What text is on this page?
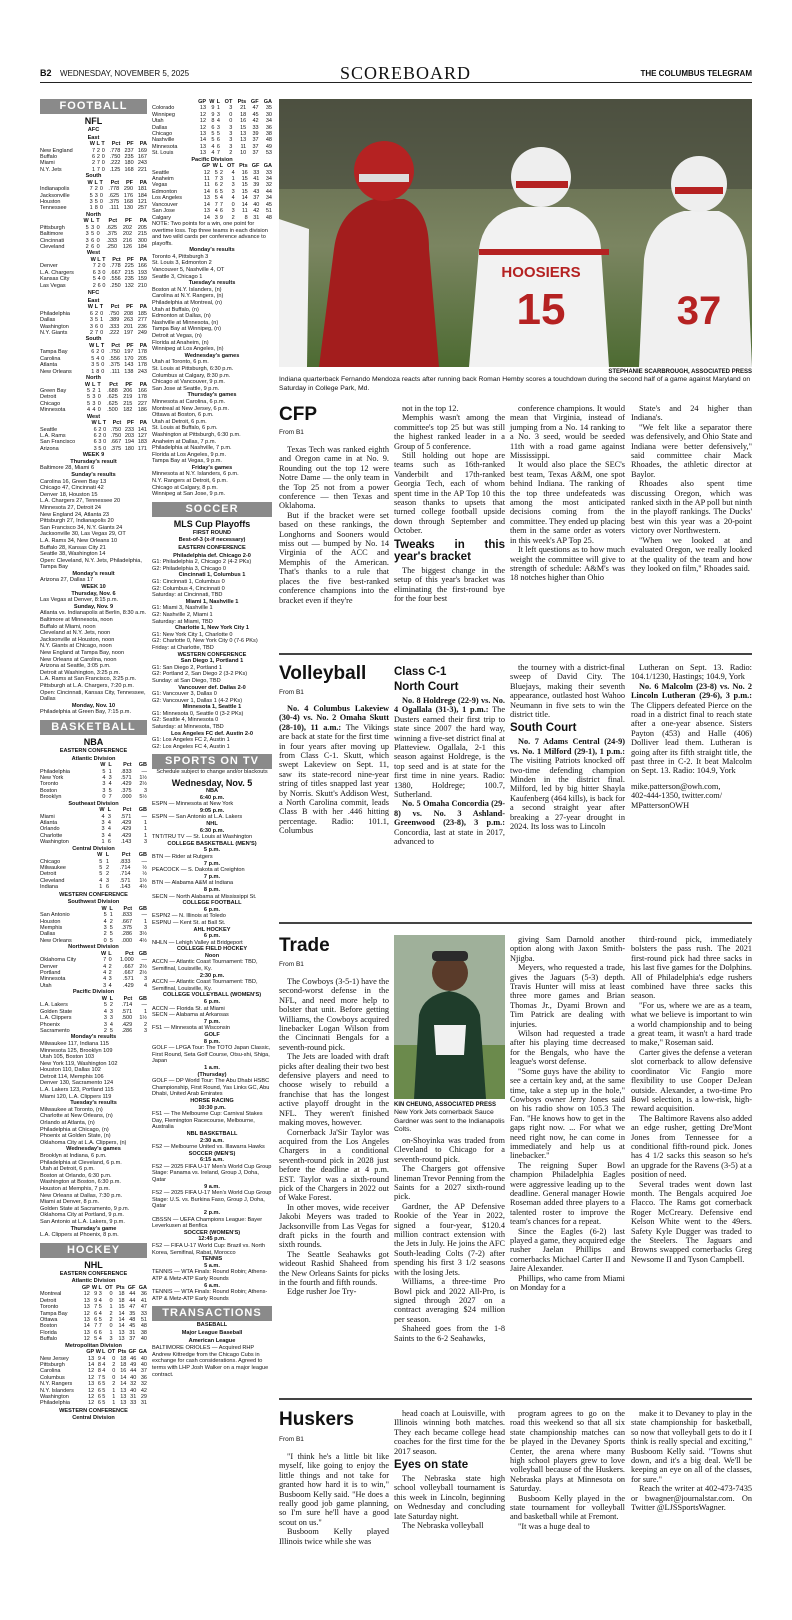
B2 WEDNESDAY, NOVEMBER 5, 2025	SCOREBOARD	THE COLUMBUS TELEGRAM
FOOTBALL
NFL
AFC
East
	W	L	T	Pct	PF	PA
New England	7	2	0	.778	237	169
Buffalo	6	2	0	.750	235	167
Miami	2	7	0	.222	180	243
N.Y. Jets	1	7	0	.125	168	221
South
	W	L	T	Pct	PF	PA
Indianapolis	7	2	0	.778	290	181
Jacksonville	5	3	0	.625	176	184
Houston	3	5	0	.375	168	121
Tennessee	1	8	0	.111	130	257
North
	W	L	T	Pct	PF	PA
Pittsburgh	5	3	0	.625	202	205
Baltimore	3	5	0	.375	202	215
Cincinnati	3	6	0	.333	216	300
Cleveland	2	6	0	.250	126	184
West
	W	L	T	Pct	PF	PA
Denver	7	2	0	.778	225	166
L.A. Chargers	6	3	0	.667	215	193
Kansas City	5	4	0	.556	235	159
Las Vegas	2	6	0	.250	132	210
NFC
East
	W	L	T	Pct	PF	PA
Philadelphia	6	2	0	.750	208	185
Dallas	3	5	1	.389	263	277
Washington	3	6	0	.333	201	236
N.Y. Giants	2	7	0	.222	197	249
South
	W	L	T	Pct	PF	PA
Tampa Bay	6	2	0	.750	197	178
Carolina	5	4	0	.556	170	205
Atlanta	3	5	0	.375	143	178
New Orleans	1	8	0	.111	138	243
North
	W	L	T	Pct	PF	PA
Green Bay	5	2	1	.688	206	166
Detroit	5	3	0	.625	219	178
Chicago	5	3	0	.625	215	227
Minnesota	4	4	0	.500	182	186
West
	W	L	T	Pct	PF	PA
Seattle	6	2	0	.750	233	141
L.A. Rams	6	2	0	.750	203	127
San Francisco	6	3	0	.667	194	183
Arizona	3	5	0	.375	180	171
WEEK 9
Thursday's result
Baltimore 28, Miami 6
Sunday's results
Carolina 16, Green Bay 13
Chicago 47, Cincinnati 42
Denver 18, Houston 15
L.A. Chargers 27, Tennessee 20
Minnesota 27, Detroit 24
New England 24, Atlanta 23
Pittsburgh 27, Indianapolis 20
San Francisco 34, N.Y. Giants 24
Jacksonville 30, Las Vegas 29, OT
L.A. Rams 34, New Orleans 10
Buffalo 28, Kansas City 21
Seattle 38, Washington 14
Open: Cleveland, N.Y. Jets, Philadelphia, Tampa Bay
Monday's result
Arizona 27, Dallas 17
WEEK 10
Thursday, Nov. 6
Las Vegas at Denver, 8:15 p.m.
Sunday, Nov. 9
Atlanta vs. Indianapolis at Berlin, 8:30 a.m.
Baltimore at Minnesota, noon
Buffalo at Miami, noon
Cleveland at N.Y. Jets, noon
Jacksonville at Houston, noon
N.Y. Giants at Chicago, noon
New England at Tampa Bay, noon
New Orleans at Carolina, noon
Arizona at Seattle, 3:05 p.m.
Detroit at Washington, 3:25 p.m.
L.A. Rams at San Francisco, 3:25 p.m.
Pittsburgh at L.A. Chargers, 7:20 p.m.
Open: Cincinnati, Kansas City, Tennessee, Dallas
Monday, Nov. 10
Philadelphia at Green Bay, 7:15 p.m.
BASKETBALL
NBA
EASTERN CONFERENCE
Atlantic Division
	W	L	Pct	GB
Philadelphia	5	1	.833	—
New York	4	3	.571	1½
Toronto	3	4	.429	2½
Boston	3	5	.375	3
Brooklyn	0	7	.000	5½
Southeast Division
	W	L	Pct	GB
Miami	4	3	.571	—
Atlanta	3	4	.429	1
Orlando	3	4	.429	1
Charlotte	3	4	.429	1
Washington	1	6	.143	3
Central Division
	W	L	Pct	GB
Chicago	5	1	.833	—
Milwaukee	5	2	.714	½
Detroit	5	2	.714	½
Cleveland	4	3	.571	1½
Indiana	1	6	.143	4½
WESTERN CONFERENCE
Southwest Division
	W	L	Pct	GB
San Antonio	5	1	.833	—
Houston	4	2	.667	1
Memphis	3	5	.375	3
Dallas	2	5	.286	3½
New Orleans	0	5	.000	4½
Northwest Division
	W	L	Pct	GB
Oklahoma City	7	0	1.000	—
Denver	4	2	.667	2½
Portland	4	2	.667	2½
Minnesota	4	3	.571	3
Utah	3	4	.429	4
Pacific Division
	W	L	Pct	GB
L.A. Lakers	5	2	.714	—
Golden State	4	3	.571	1
L.A. Clippers	3	3	.500	1½
Phoenix	3	4	.429	2
Sacramento	2	5	.286	3
Monday's results
Milwaukee 117, Indiana 115
Minnesota 125, Brooklyn 109
Utah 105, Boston 103
New York 119, Washington 102
Houston 110, Dallas 102
Detroit 114, Memphis 106
Denver 130, Sacramento 124
L.A. Lakers 123, Portland 115
Miami 120, L.A. Clippers 119
Tuesday's results
Milwaukee at Toronto, (n)
Charlotte at New Orleans, (n)
Orlando at Atlanta, (n)
Philadelphia at Chicago, (n)
Phoenix at Golden State, (n)
Oklahoma City at L.A. Clippers, (n)
Wednesday's games
Brooklyn at Indiana, 6 p.m.
Philadelphia at Cleveland, 6 p.m.
Utah at Detroit, 6 p.m.
Boston at Orlando, 6:30 p.m.
Washington at Boston, 6:30 p.m.
Houston at Memphis, 7 p.m.
New Orleans at Dallas, 7:30 p.m.
Miami at Denver, 8 p.m.
Golden State at Sacramento, 9 p.m.
Oklahoma City at Portland, 9 p.m.
San Antonio at L.A. Lakers, 9 p.m.
Thursday's game
L.A. Clippers at Phoenix, 8 p.m.
HOCKEY
NHL
EASTERN CONFERENCE
Atlantic Division
	GP	W	L	OT	Pts	GF	GA
Montreal	12	9	3	0	18	44	36
Detroit	13	9	4	0	18	44	41
Toronto	13	7	5	1	15	47	47
Tampa Bay	12	6	4	2	14	35	33
Ottawa	13	6	5	2	14	48	51
Boston	14	7	7	0	14	45	48
Florida	13	6	6	1	13	31	38
Buffalo	12	5	4	3	13	37	40
Metropolitan Division
	GP	W	L	OT	Pts	GF	GA
New Jersey	13	9	4	0	18	46	40
Pittsburgh	14	8	4	2	18	49	40
Carolina	12	8	4	0	16	44	37
Columbus	12	7	5	0	14	40	36
N.Y. Rangers	13	6	5	2	14	32	32
N.Y. Islanders	12	6	5	1	13	40	42
Washington	12	6	5	1	13	31	29
Philadelphia	12	6	5	1	13	33	31
WESTERN CONFERENCE
Central Division
	GP	W	L	OT	Pts	GF	GA
Colorado	13	9	1	3	21	47	35
Winnipeg	12	9	3	0	18	45	30
Utah	12	8	4	0	16	42	34
Dallas	12	6	3	3	15	33	36
Chicago	13	5	5	3	13	39	38
Nashville	14	5	6	3	13	37	48
Minnesota	13	4	6	3	11	37	49
St. Louis	13	4	7	2	10	37	53
Pacific Division
	GP	W	L	OT	Pts	GF	GA
Seattle	12	5	2	4	16	33	33
Anaheim	11	7	3	1	15	41	34
Vegas	11	6	2	3	15	39	32
Edmonton	14	6	5	3	15	43	44
Los Angeles	13	5	4	4	14	37	34
Vancouver	14	7	7	0	14	40	45
San Jose	13	4	6	3	11	42	51
Calgary	14	3	9	2	8	31	48
NOTE: Two points for a win, one point for overtime loss. Top three teams in each division and two wild cards per conference advance to playoffs.
Monday's results
Toronto 4, Pittsburgh 3
St. Louis 3, Edmonton 2
Vancouver 5, Nashville 4, OT
Seattle 3, Chicago 1
Tuesday's results
Boston at N.Y. Islanders, (n)
Carolina at N.Y. Rangers, (n)
Philadelphia at Montreal, (n)
Utah at Buffalo, (n)
Edmonton at Dallas, (n)
Nashville at Minnesota, (n)
Tampa Bay at Winnipeg, (n)
Detroit at Vegas, (n)
Florida at Anaheim, (n)
Winnipeg at Los Angeles, (n)
Wednesday's games
Utah at Toronto, 6 p.m.
St. Louis at Pittsburgh, 6:30 p.m.
Columbus at Calgary, 8:30 p.m.
Chicago at Vancouver, 9 p.m.
San Jose at Seattle, 9 p.m.
Thursday's games
Minnesota at Carolina, 6 p.m.
Montreal at New Jersey, 6 p.m.
Ottawa at Boston, 6 p.m.
Utah at Detroit, 6 p.m.
St. Louis at Buffalo, 6 p.m.
Washington at Pittsburgh, 6:30 p.m.
Anaheim at Dallas, 7 p.m.
Philadelphia at Nashville, 7 p.m.
Florida at Los Angeles, 9 p.m.
Tampa Bay at Vegas, 9 p.m.
Friday's games
Minnesota at N.Y. Islanders, 6 p.m.
N.Y. Rangers at Detroit, 6 p.m.
Chicago at Calgary, 8 p.m.
Winnipeg at San Jose, 9 p.m.
SOCCER
MLS Cup Playoffs
FIRST ROUND
Best-of-3 (x-if necessary)
EASTERN CONFERENCE
Philadelphia def. Chicago 2-0
G1: Philadelphia 2, Chicago 2 (4-2 PKs)
G2: Philadelphia 3, Chicago 0
Cincinnati 1, Columbus 1
G1: Cincinnati 1, Columbus 0
G2: Columbus 4, Cincinnati 0
Saturday: at Cincinnati, TBD
Miami 1, Nashville 1
G1: Miami 3, Nashville 1
G2: Nashville 2, Miami 1
Saturday: at Miami, TBD
Charlotte 1, New York City 1
G1: New York City 1, Charlotte 0
G2: Charlotte 0, New York City 0 (7-6 PKs)
Friday: at Charlotte, TBD
WESTERN CONFERENCE
San Diego 1, Portland 1
G1: San Diego 2, Portland 1
G2: Portland 2, San Diego 2 (3-2 PKs)
Sunday: at San Diego, TBD
Vancouver def. Dallas 2-0
G1: Vancouver 3, Dallas 0
G2: Vancouver 1, Dallas 1 (4-2 PKs)
Minnesota 1, Seattle 1
G1: Minnesota 0, Seattle 0 (3-2 PKs)
G2: Seattle 4, Minnesota 0
Saturday: at Minnesota, TBD
Los Angeles FC def. Austin 2-0
G1: Los Angeles FC 2, Austin 1
G2: Los Angeles FC 4, Austin 1
SPORTS ON TV
Schedule subject to change and/or blackouts
Wednesday, Nov. 5
NBA
6:40 p.m.
ESPN — Minnesota at New York
9:05 p.m.
ESPN — San Antonio at L.A. Lakers
NHL
6:30 p.m.
TNT/TRU TV — St. Louis at Washington
COLLEGE BASKETBALL (MEN'S)
5 p.m.
BTN — Rider at Rutgers
7 p.m.
PEACOCK — S. Dakota at Creighton
7 p.m.
BTN — Alabama A&M at Indiana
8 p.m.
SECN — North Alabama at Mississippi St.
COLLEGE FOOTBALL
6 p.m.
ESPN2 — N. Illinois at Toledo
ESPNU — Kent St. at Ball St.
AHL HOCKEY
6 p.m.
NHLN — Lehigh Valley at Bridgeport
COLLEGE FIELD HOCKEY
Noon
ACCN — Atlantic Coast Tournament: TBD, Semifinal, Louisville, Ky.
2:30 p.m.
ACCN — Atlantic Coast Tournament: TBD, Semifinal, Louisville, Ky.
COLLEGE VOLLEYBALL (WOMEN'S)
6 p.m.
ACCN — Florida St. at Miami
SECN — Alabama at Arkansas
7 p.m.
FS1 — Minnesota at Wisconsin
GOLF
8 p.m.
GOLF — LPGA Tour: The TOTO Japan Classic, First Round, Seta Golf Course, Otsu-shi, Shiga, Japan
1 a.m.
(Thursday)
GOLF — DP World Tour: The Abu Dhabi HSBC Championship, First Round, Yas Links GC, Abu Dhabi, United Arab Emirates
HORSE RACING
10:30 p.m.
FS1 — The Melbourne Cup: Carnival Stakes Day, Flemington Racecourse, Melbourne, Australia
NBL BASKETBALL
2:30 a.m.
FS2 — Melbourne United vs. Illawarra Hawks
SOCCER (MEN'S)
6:15 a.m.
FS2 — 2025 FIFA U-17 Men's World Cup Group Stage: Panama vs. Ireland, Group J, Doha, Qatar
9 a.m.
FS2 — 2025 FIFA U-17 Men's World Cup Group Stage: U.S. vs. Burkina Faso, Group J, Doha, Qatar
2 p.m.
CBSSN — UEFA Champions League: Bayer Leverkusen at Benfica
SOCCER (WOMEN'S)
12:45 p.m.
FS2 — FIFA U-17 World Cup: Brazil vs. North Korea, Semifinal, Rabat, Morocco
TENNIS
5 a.m.
TENNIS — WTA Finals: Round Robin; Athens-ATP & Metz-ATP Early Rounds
6 a.m.
TENNIS — WTA Finals: Round Robin; Athens-ATP & Metz-ATP Early Rounds
TRANSACTIONS
BASEBALL
Major League Baseball
American League
BALTIMORE ORIOLES — Acquired RHP Andrew Kittredge from the Chicago Cubs in exchange for cash considerations. Agreed to terms with LHP Josh Walker on a major league contract.
HOOSIERS
15	37
STEPHANIE SCARBROUGH, ASSOCIATED PRESS
Indiana quarterback Fernando Mendoza reacts after running back Roman Hemby scores a touchdown during the second half of a game against Maryland on Saturday in College Park, Md.
CFP
From B1

Texas Tech was ranked eighth and Oregon came in at No. 9. Rounding out the top 12 were Notre Dame — the only team in the Top 25 not from a power conference — then Texas and Oklahoma.

But if the bracket were set based on these rankings, the Longhorns and Sooners would miss out — bumped by No. 14 Virginia of the ACC and Memphis of the American. That's thanks to a rule that places the five best-ranked conference champions into the bracket even if they're

not in the top 12.

Memphis wasn't among the committee's top 25 but was still the highest ranked leader in a Group of 5 conference.

Still holding out hope are teams such as 16th-ranked Vanderbilt and 17th-ranked Georgia Tech, each of whom spent time in the AP Top 10 this season thanks to upsets that turned college football upside down through September and October.

Tweaks in this year's bracket

The biggest change in the setup of this year's bracket was eliminating the first-round bye for the four best

conference champions. It would mean that Virginia, instead of jumping from a No. 14 ranking to a No. 3 seed, would be seeded 11th with a road game against Mississippi.

It would also place the SEC's best team, Texas A&M, one spot behind Indiana. The ranking of the top three undefeateds was among the most anticipated decisions coming from the committee. They ended up placing them in the same order as voters in this week's AP Top 25.

It left questions as to how much weight the committee will give to strength of schedule: A&M's was 18 notches higher than Ohio

State's and 24 higher than Indiana's.

"We felt like a separator there was defensively, and Ohio State and Indiana were better defensively," said committee chair Mack Rhoades, the athletic director at Baylor.

Rhoades also spent time discussing Oregon, which was ranked sixth in the AP poll but ninth in the playoff rankings. The Ducks' best win this year was a 20-point victory over Northwestern.

"When we looked at and evaluated Oregon, we really looked at the quality of the team and how they looked on film," Rhoades said.

Volleyball
From B1

No. 4 Columbus Lakeview (30-4) vs. No. 2 Omaha Skutt (28-10), 11 a.m.: The Vikings are back at state for the first time in four years after moving up from Class C-1. Skutt, which swept Lakeview on Sept. 11, saw its state-record nine-year string of titles snapped last year by Norris. Skutt's Addison West, a North Carolina commit, leads Class B with her .446 hitting percentage. Radio: 101.1, Columbus

Class C-1
North Court

No. 8 Holdrege (22-9) vs. No. 4 Ogallala (31-3), 1 p.m.: The Dusters earned their first trip to state since 2007 the hard way, winning a five-set district final at Platteview. Ogallala, 2-1 this season against Holdrege, is the top seed and is at state for the first time in nine years. Radio: 1380, Holdrege; 100.7, Sutherland.

No. 5 Omaha Concordia (29-8) vs. No. 3 Ashland-Greenwood (23-8), 3 p.m.: Concordia, last at state in 2017, advanced to

the tourney with a district-final sweep of David City. The Bluejays, making their seventh appearance, outlasted host Wahoo Neumann in five sets to win the district title.

South Court

No. 7 Adams Central (24-9) vs. No. 1 Milford (29-1), 1 p.m.: The visiting Patriots knocked off two-time defending champion Minden in the district final. Milford, led by big hitter Shayla Kaufenberg (464 kills), is back for a second straight year after breaking a 27-year drought in 2024. Its loss was to Lincoln

Lutheran on Sept. 13. Radio: 104.1/1230, Hastings; 104.9, York

No. 6 Malcolm (23-8) vs. No. 2 Lincoln Lutheran (29-6), 3 p.m.: The Clippers defeated Pierce on the road in a district final to reach state after a one-year absence. Sisters Payton (453) and Halle (406) Dolliver lead them. Lutheran is going after its fifth straight title, the past three in C-2. It beat Malcolm on Sept. 13. Radio: 104.9, York

mike.patterson@owh.com,
402-444-1350, twitter.com/
MPattersonOWH
Trade
From B1

The Cowboys (3-5-1) have the second-worst defense in the NFL, and need more help to bolster that unit. Before getting Williams, the Cowboys acquired linebacker Logan Wilson from the Cincinnati Bengals for a seventh-round pick.

The Jets are loaded with draft picks after dealing their two best defensive players and need to choose wisely to rebuild a franchise that has the longest active playoff drought in the NFL. They weren't finished making moves, however.

Cornerback Ja'Sir Taylor was acquired from the Los Angeles Chargers in a conditional seventh-round pick in 2028 just before the deadline at 4 p.m. EST. Taylor was a sixth-round pick of the Chargers in 2022 out of Wake Forest.

In other moves, wide receiver Jakobi Meyers was traded to Jacksonville from Las Vegas for draft picks in the fourth and sixth rounds.

The Seattle Seahawks got wideout Rashid Shaheed from the New Orleans Saints for picks in the fourth and fifth rounds.

Edge rusher Joe Try-

KIN CHEUNG, ASSOCIATED PRESS
New York Jets cornerback Sauce Gardner was sent to the Indianapolis Colts.

on-Shoyinka was traded from Cleveland to Chicago for a seventh-round pick.

The Chargers got offensive lineman Trevor Penning from the Saints for a 2027 sixth-round pick.

Gardner, the AP Defensive Rookie of the Year in 2022, signed a four-year, $120.4 million contract extension with the Jets in July. He joins the AFC South-leading Colts (7-2) after spending his first 3 1/2 seasons with the losing Jets.

Williams, a three-time Pro Bowl pick and 2022 All-Pro, is signed through 2027 on a contract averaging $24 million per season.

Shaheed goes from the 1-8 Saints to the 6-2 Seahawks,

giving Sam Darnold another option along with Jaxon Smith-Njigba.

Meyers, who requested a trade, gives the Jaguars (5-3) depth. Travis Hunter will miss at least three more games and Brian Thomas Jr., Dyami Brown and Tim Patrick are dealing with injuries.

Wilson had requested a trade after his playing time decreased for the Bengals, who have the league's worst defense.

"Some guys have the ability to see a certain key and, at the same time, take a step up in the hole," Cowboys owner Jerry Jones said on his radio show on 105.3 The Fan. "He knows how to get in the gaps right now. ... For what we need right now, he can come in immediately and help us at linebacker."

The reigning Super Bowl champion Philadelphia Eagles were aggressive leading up to the deadline. General manager Howie Roseman added three players to a talented roster to improve the team's chances for a repeat.

Since the Eagles (6-2) last played a game, they acquired edge rusher Jaelan Phillips and cornerbacks Michael Carter II and Jaire Alexander.

Phillips, who came from Miami on Monday for a

third-round pick, immediately bolsters the pass rush. The 2021 first-round pick had three sacks in his last five games for the Dolphins. All of Philadelphia's edge rushers combined have three sacks this season.

"For us, where we are as a team, what we believe is important to win a world championship and to being a great team, it wasn't a hard trade to make," Roseman said.

Carter gives the defense a veteran slot cornerback to allow defensive coordinator Vic Fangio more flexibility to use Cooper DeJean outside. Alexander, a two-time Pro Bowl selection, is a low-risk, high-reward acquisition.

The Baltimore Ravens also added an edge rusher, getting Dre'Mont Jones from Tennessee for a conditional fifth-round pick. Jones has 4 1/2 sacks this season so he's an upgrade for the Ravens (3-5) at a position of need.

Several trades went down last month. The Bengals acquired Joe Flacco. The Rams got cornerback Roger McCreary. Defensive end Kelson White went to the 49ers. Safety Kyle Dugger was traded to the Steelers. The Jaguars and Browns swapped cornerbacks Greg Newsome II and Tyson Campbell.

Huskers
From B1

"I think he's a little bit like myself, like going to enjoy the little things and not take for granted how hard it is to win," Busboom Kelly said. "He does a really good job game planning, so I'm sure he'll have a good scout on us."

Busboom Kelly played Illinois twice while she was

head coach at Louisville, with Illinois winning both matches. They each became college head coaches for the first time for the 2017 season.

Eyes on state

The Nebraska state high school volleyball tournament is this week in Lincoln, beginning on Wednesday and concluding late Saturday night.

The Nebraska volleyball

program agrees to go on the road this weekend so that all six state championship matches can be played in the Devaney Sports Center, the arena where many high school players grew to love volleyball because of the Huskers. Nebraska plays at Minnesota on Saturday.

Busboom Kelly played in the state tournament for volleyball and basketball while at Fremont.

"It was a huge deal to

make it to Devaney to play in the state championship for basketball, so now that volleyball gets to do it I think is really special and exciting," Busboom Kelly said. "Towns shut down, and it's a big deal. We'll be keeping an eye on all of the classes, for sure."

Reach the writer at 402-473-7435 or bwagner@journalstar.com. On Twitter @LJSSportsWagner.
